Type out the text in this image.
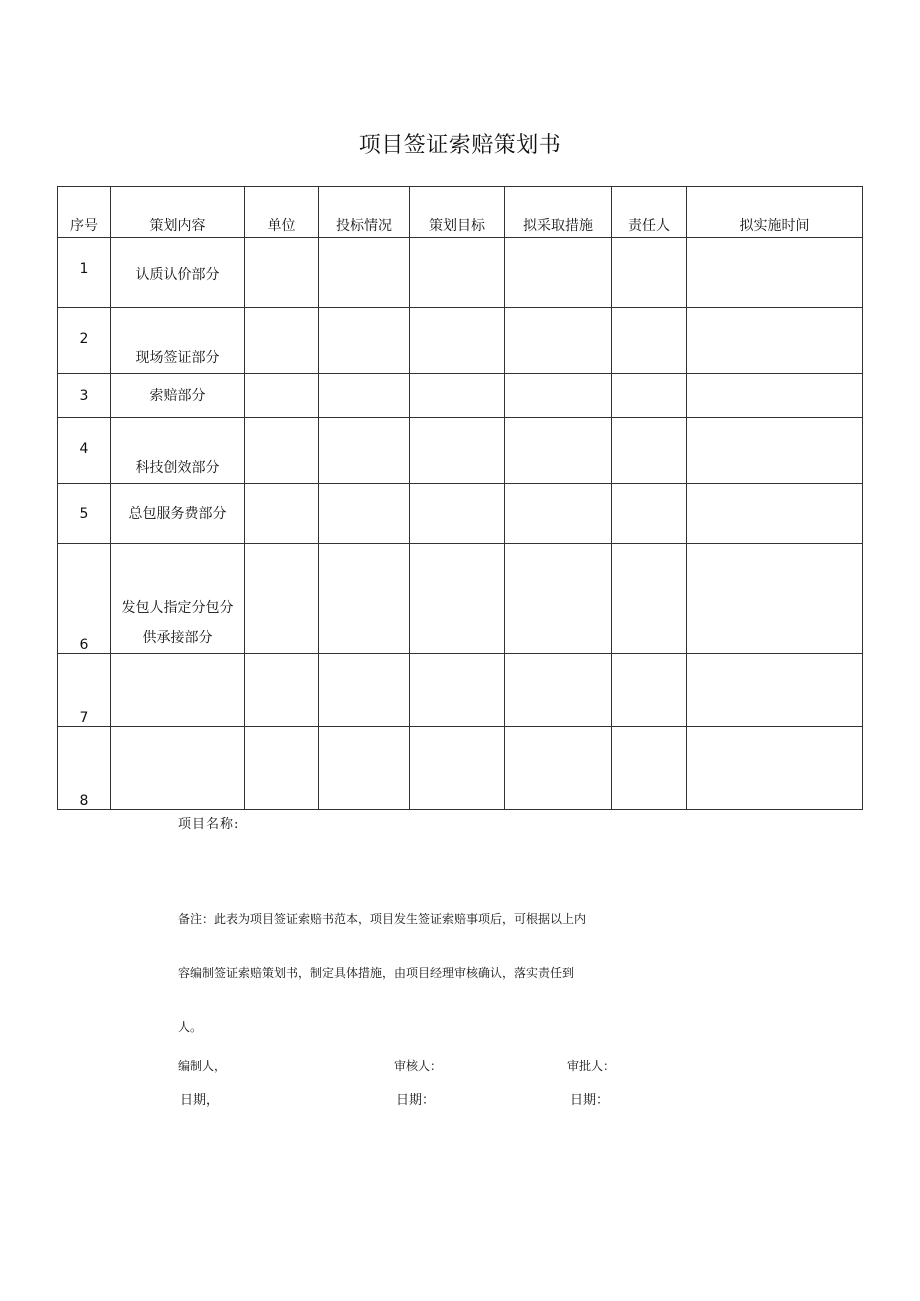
项目签证索赔策划书
序号	策划内容	单位	投标情况	策划目标	拟采取措施	责任人	拟实施时间
1	认质认价部分						
2	现场签证部分						
3	索赔部分						
4	科技创效部分						
5	总包服务费部分						
6	发包人指定分包分
供承接部分						

7							
8							
项目名称:
备注：此表为项目签证索赔书范本，项目发生签证索赔事项后，可根据以上内
容编制签证索赔策划书，制定具体措施，由项目经理审核确认，落实责任到
人。
编制人，	审核人：	审批人：
日期，	日期：	日期：
